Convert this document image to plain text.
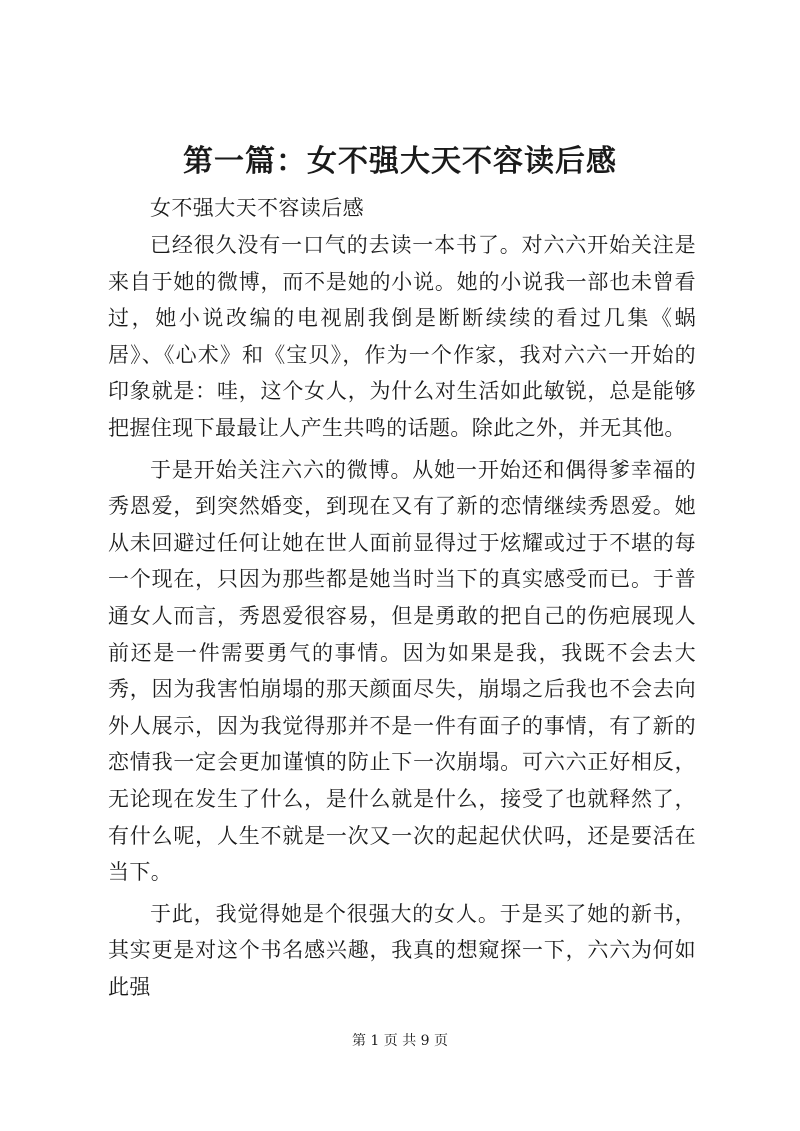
第一篇：女不强大天不容读后感

女不强大天不容读后感

已经很久没有一口气的去读一本书了。对六六开始关注是来自于她的微博，而不是她的小说。她的小说我一部也未曾看过，她小说改编的电视剧我倒是断断续续的看过几集《蜗居》、《心术》和《宝贝》，作为一个作家，我对六六一开始的印象就是：哇，这个女人，为什么对生活如此敏锐，总是能够把握住现下最最让人产生共鸣的话题。除此之外，并无其他。

于是开始关注六六的微博。从她一开始还和偶得爹幸福的秀恩爱，到突然婚变，到现在又有了新的恋情继续秀恩爱。她从未回避过任何让她在世人面前显得过于炫耀或过于不堪的每一个现在，只因为那些都是她当时当下的真实感受而已。于普通女人而言，秀恩爱很容易，但是勇敢的把自己的伤疤展现人前还是一件需要勇气的事情。因为如果是我，我既不会去大秀，因为我害怕崩塌的那天颜面尽失，崩塌之后我也不会去向外人展示，因为我觉得那并不是一件有面子的事情，有了新的恋情我一定会更加谨慎的防止下一次崩塌。可六六正好相反，无论现在发生了什么，是什么就是什么，接受了也就释然了，有什么呢，人生不就是一次又一次的起起伏伏吗，还是要活在当下。

于此，我觉得她是个很强大的女人。于是买了她的新书，其实更是对这个书名感兴趣，我真的想窥探一下，六六为何如此强

第 1 页 共 9 页
